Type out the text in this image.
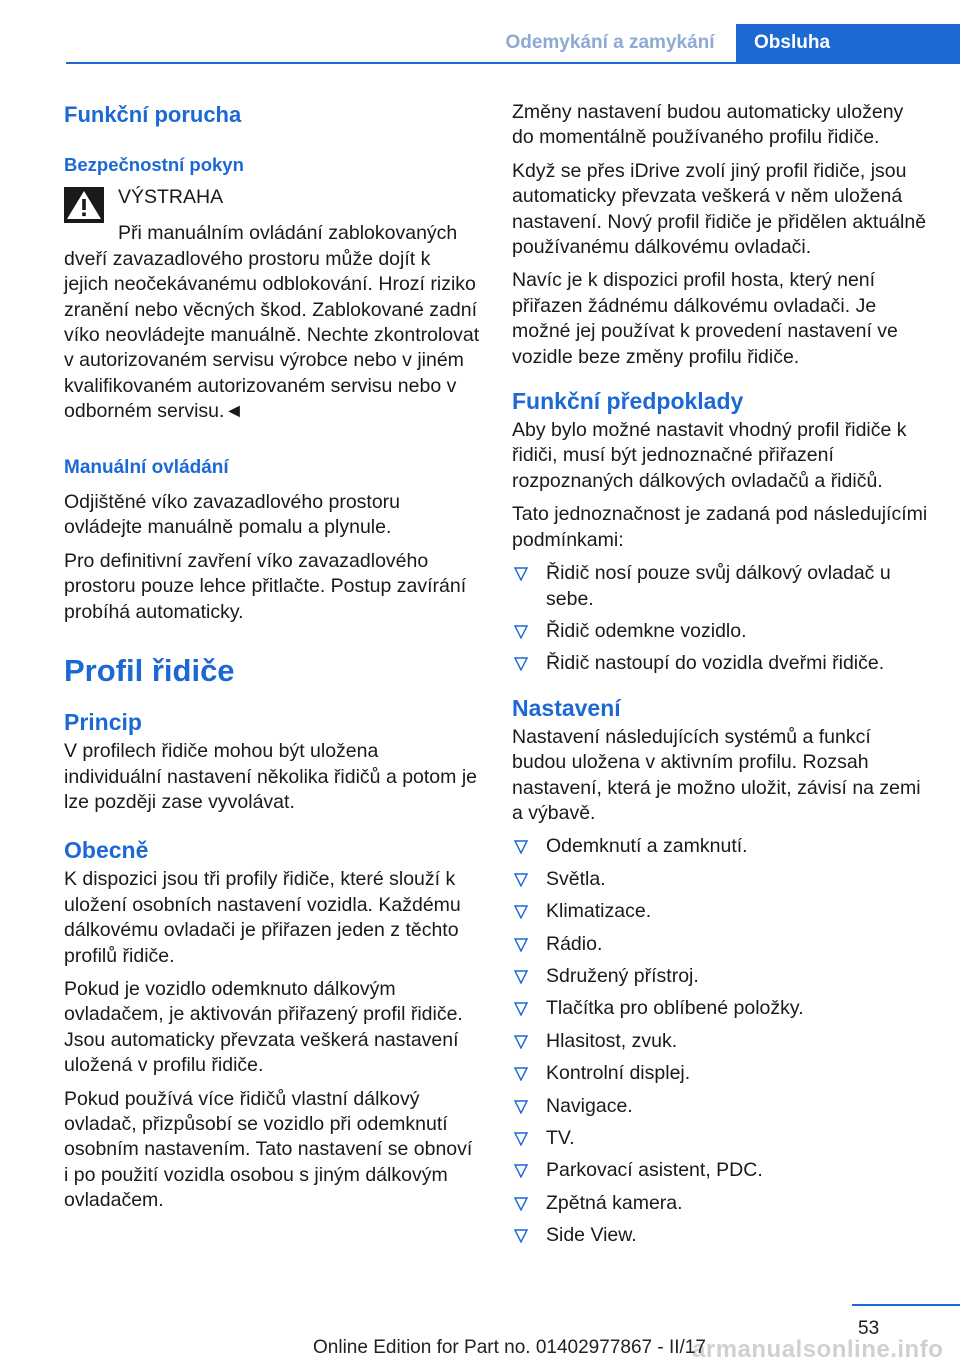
Odemykání a zamykání	Obsluha
Funkční porucha
Bezpečnostní pokyn

VÝSTRAHA

Při manuálním ovládání zablokovaných dveří zavazadlového prostoru může dojít k jejich neočekávanému odblokování. Hrozí riziko zranění nebo věcných škod. Zablokované zadní víko neovládejte manuálně. Nechte zkontrolovat v autorizovaném servisu výrobce nebo v jiném kvalifikovaném autorizovaném servisu nebo v odborném servisu.◄

Manuální ovládání

Odjištěné víko zavazadlového prostoru ovládejte manuálně pomalu a plynule.

Pro definitivní zavření víko zavazadlového prostoru pouze lehce přitlačte. Postup zavírání probíhá automaticky.

Profil řidiče
Princip

V profilech řidiče mohou být uložena individuální nastavení několika řidičů a potom je lze později zase vyvolávat.

Obecně

K dispozici jsou tři profily řidiče, které slouží k uložení osobních nastavení vozidla. Každému dálkovému ovladači je přiřazen jeden z těchto profilů řidiče.

Pokud je vozidlo odemknuto dálkovým ovladačem, je aktivován přiřazený profil řidiče. Jsou automaticky převzata veškerá nastavení uložená v profilu řidiče.

Pokud používá více řidičů vlastní dálkový ovladač, přizpůsobí se vozidlo při odemknutí osobním nastavením. Tato nastavení se obnoví i po použití vozidla osobou s jiným dálkovým ovladačem.

Změny nastavení budou automaticky uloženy do momentálně používaného profilu řidiče.

Když se přes iDrive zvolí jiný profil řidiče, jsou automaticky převzata veškerá v něm uložená nastavení. Nový profil řidiče je přidělen aktuálně používanému dálkovému ovladači.

Navíc je k dispozici profil hosta, který není přiřazen žádnému dálkovému ovladači. Je možné jej používat k provedení nastavení ve vozidle beze změny profilu řidiče.

Funkční předpoklady

Aby bylo možné nastavit vhodný profil řidiče k řidiči, musí být jednoznačné přiřazení rozpoznaných dálkových ovladačů a řidičů.

Tato jednoznačnost je zadaná pod následujícími podmínkami:

Řidič nosí pouze svůj dálkový ovladač u sebe.
Řidič odemkne vozidlo.
Řidič nastoupí do vozidla dveřmi řidiče.
Nastavení

Nastavení následujících systémů a funkcí budou uložena v aktivním profilu. Rozsah nastavení, která je možno uložit, závisí na zemi a výbavě.

Odemknutí a zamknutí.
Světla.
Klimatizace.
Rádio.
Sdružený přístroj.
Tlačítka pro oblíbené položky.
Hlasitost, zvuk.
Kontrolní displej.
Navigace.
TV.
Parkovací asistent, PDC.
Zpětná kamera.
Side View.
53
armanualsonline.info
Online Edition for Part no. 01402977867 - II/17
